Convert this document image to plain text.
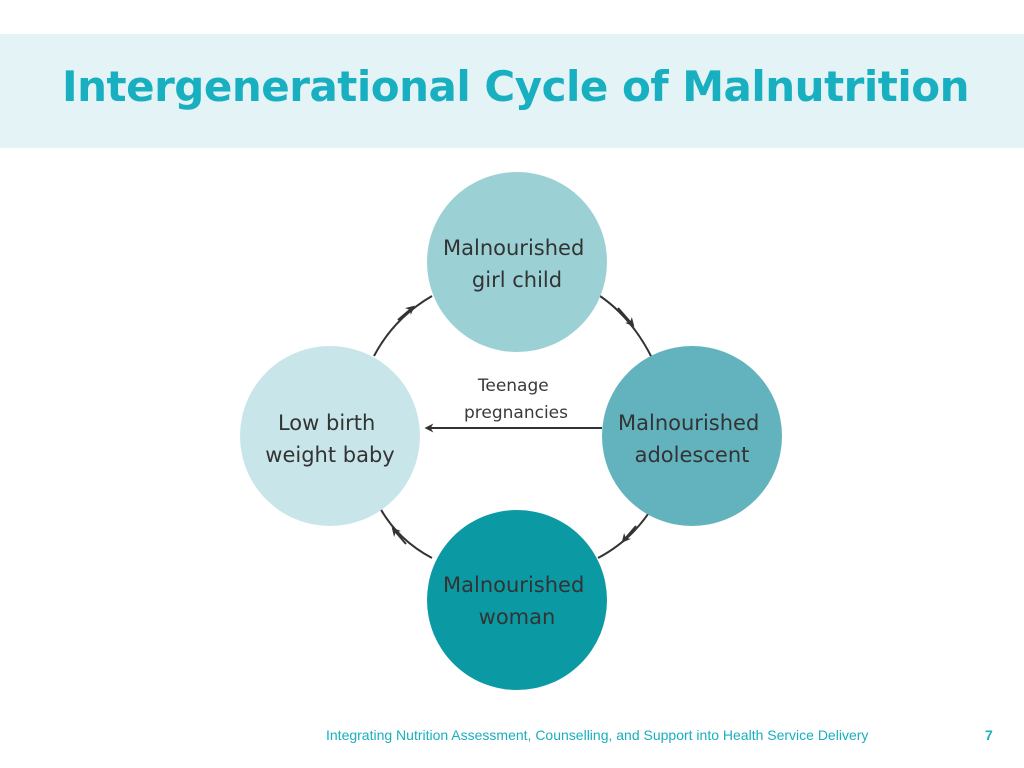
Intergenerational Cycle of Malnutrition
Malnourished girl child
Malnourished adolescent
Malnourished woman
Low birth weight baby
Teenage pregnancies
Integrating Nutrition Assessment, Counselling, and Support into Health Service Delivery	7
